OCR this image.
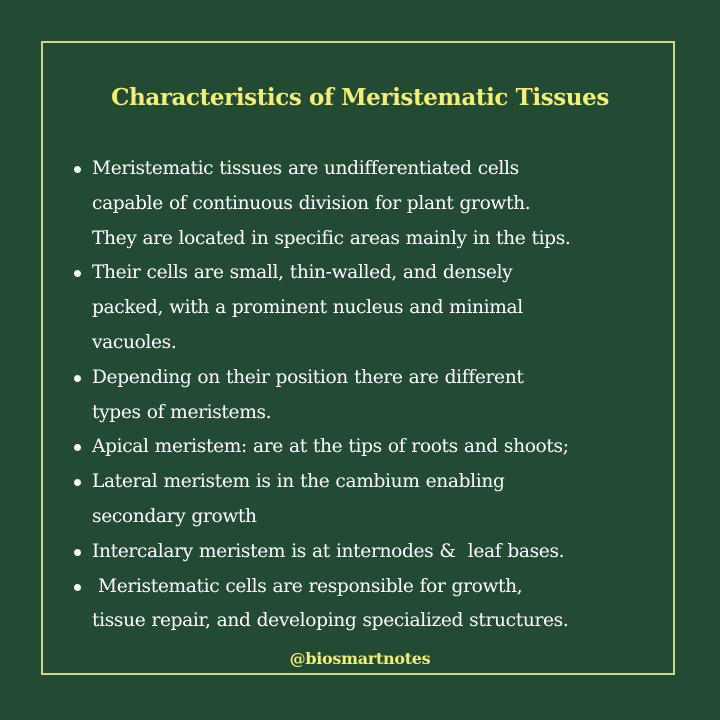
Characteristics of Meristematic Tissues
Meristematic tissues are undifferentiated cells
capable of continuous division for plant growth.
They are located in specific areas mainly in the tips.
Their cells are small, thin-walled, and densely
packed, with a prominent nucleus and minimal
vacuoles.
Depending on their position there are different
types of meristems.
Apical meristem: are at the tips of roots and shoots;
Lateral meristem is in the cambium enabling
secondary growth
Intercalary meristem is at internodes &  leaf bases.
Meristematic cells are responsible for growth,
tissue repair, and developing specialized structures.
@biosmartnotes
